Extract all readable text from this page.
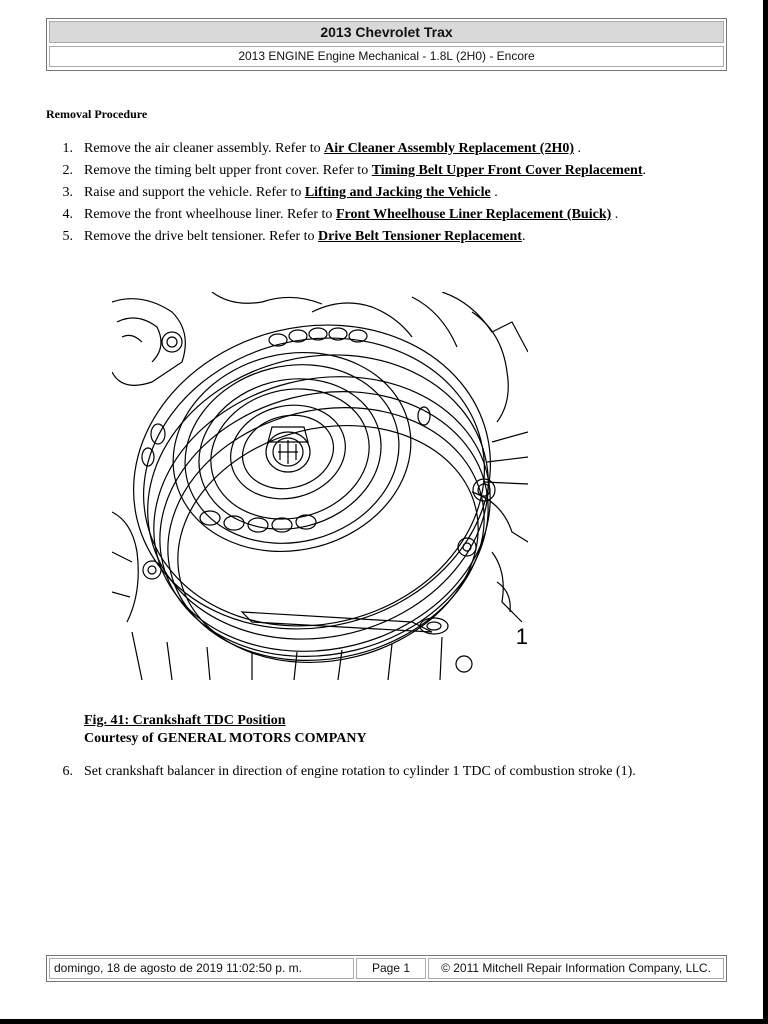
2013 Chevrolet Trax
2013 ENGINE Engine Mechanical - 1.8L (2H0) - Encore
Removal Procedure
1. Remove the air cleaner assembly. Refer to Air Cleaner Assembly Replacement (2H0) .
2. Remove the timing belt upper front cover. Refer to Timing Belt Upper Front Cover Replacement.
3. Raise and support the vehicle. Refer to Lifting and Jacking the Vehicle .
4. Remove the front wheelhouse liner. Refer to Front Wheelhouse Liner Replacement (Buick) .
5. Remove the drive belt tensioner. Refer to Drive Belt Tensioner Replacement.
1
Fig. 41: Crankshaft TDC Position
Courtesy of GENERAL MOTORS COMPANY
6. Set crankshaft balancer in direction of engine rotation to cylinder 1 TDC of combustion stroke (1).
domingo, 18 de agosto de 2019 11:02:50 p. m.	Page 1	© 2011 Mitchell Repair Information Company, LLC.
